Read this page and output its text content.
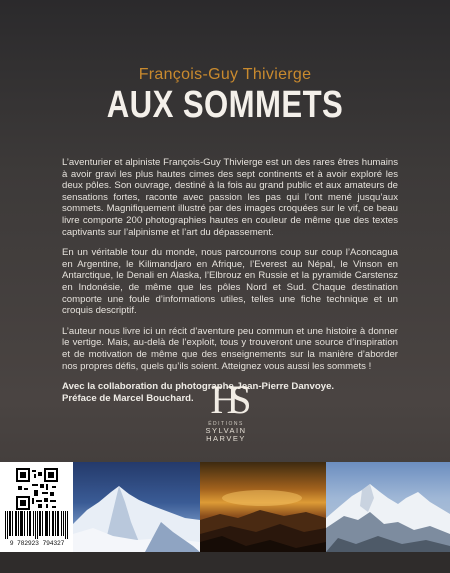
François-Guy Thivierge
AUX SOMMETS

L’aventurier et alpiniste François-Guy Thivierge est un des rares êtres humains à avoir gravi les plus hautes cimes des sept continents et à avoir exploré les deux pôles. Son ouvrage, destiné à la fois au grand public et aux amateurs de sensations fortes, raconte avec passion les pas qui l’ont mené jusqu’aux sommets. Magnifiquement illustré par des images croquées sur le vif, ce beau livre comporte 200 photographies hautes en couleur de même que des textes captivants sur l’alpinisme et l’art du dépassement.

En un véritable tour du monde, nous parcourrons coup sur coup l’Aconcagua en Argentine, le Kilimandjaro en Afrique, l’Everest au Népal, le Vinson en Antarctique, le Denali en Alaska, l’Elbrouz en Russie et la pyramide Carstensz en Indonésie, de même que les pôles Nord et Sud. Chaque destination comporte une foule d’informations utiles, telles une fiche technique et un croquis descriptif.

L’auteur nous livre ici un récit d’aventure peu commun et une histoire à donner le vertige. Mais, au-delà de l’exploit, tous y trouveront une source d’inspiration et de motivation de même que des enseignements sur la manière d’aborder nos propres défis, quels qu’ils soient. Atteignez vous aussi les sommets !

Avec la collaboration du photographe Jean-Pierre Danvoye.

Préface de Marcel Bouchard. HS
ÉDITIONS
SYLVAIN
HARVEY
9 782923 794327
